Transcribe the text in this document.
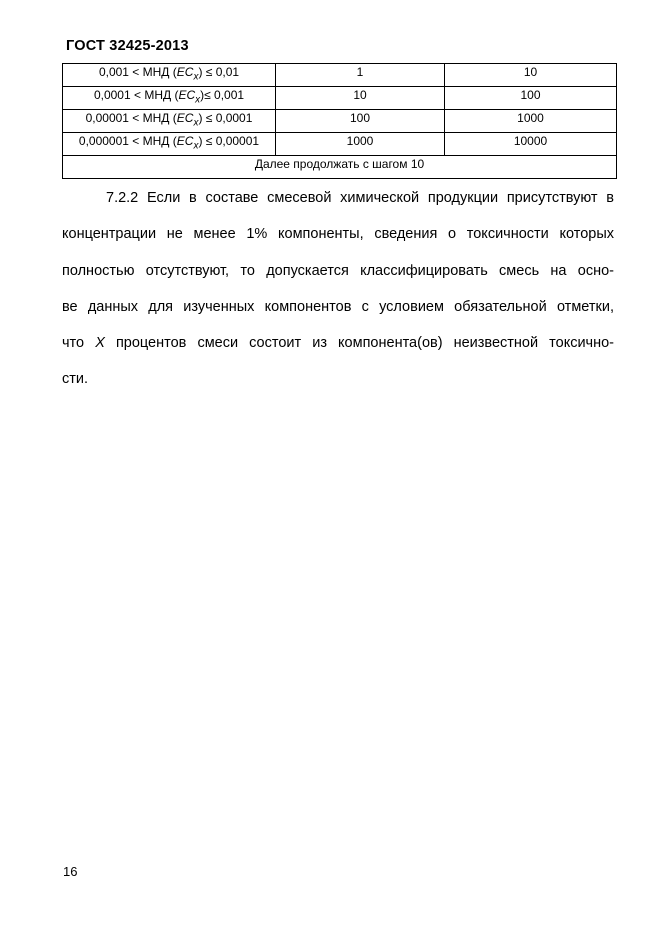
ГОСТ 32425-2013
0,001 < МНД $(EC_x) \le 0,01$	1	10
0,0001 < МНД $(EC_x)\le 0,001$	10	100
0,00001 < МНД $(EC_x) \le 0,0001$	100	1000
0,000001 < МНД $(EC_x) \le 0,00001$	1000	10000
Далее продолжать с шагом 10		
7.2.2 Если в составе смесевой химической продукции присутствуют в
концентрации не менее 1% компоненты, сведения о токсичности которых
полностью отсутствуют, то допускается классифицировать смесь на осно-
ве данных для изученных компонентов с условием обязательной отметки,
что X процентов смеси состоит из компонента(ов) неизвестной токсично-
сти.
16
